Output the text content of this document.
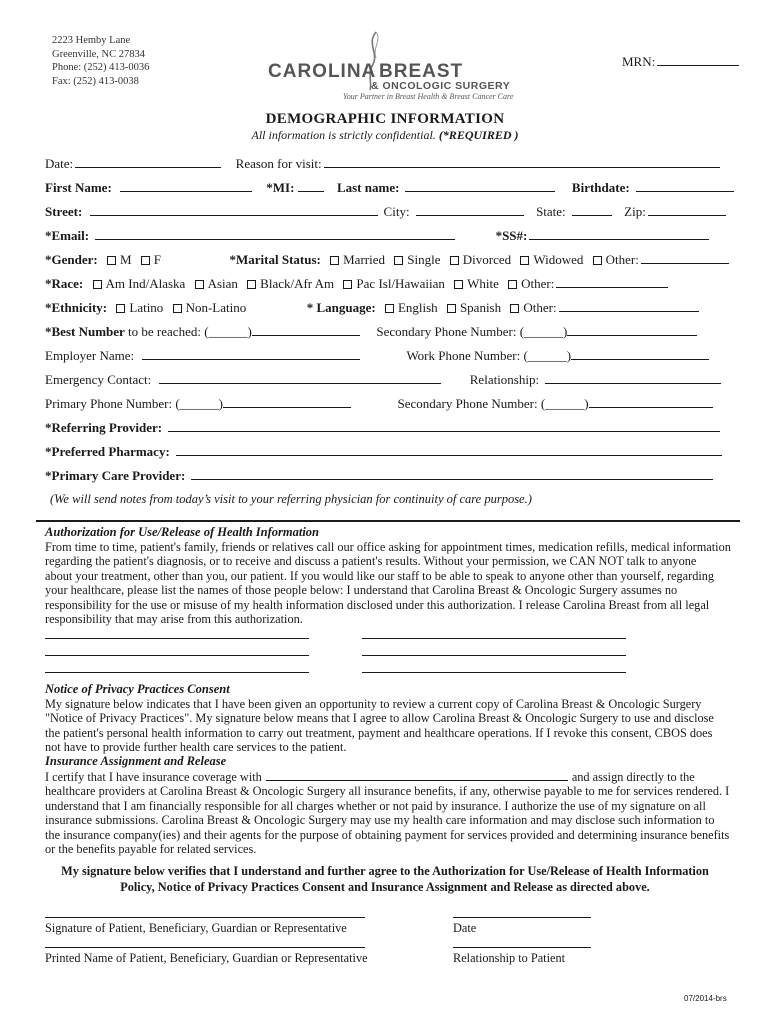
2223 Hemby Lane
Greenville, NC 27834
Phone: (252) 413-0036
Fax: (252) 413-0038	CAROLINA BREAST
& ONCOLOGIC SURGERY
Your Partner in Breast Health & Breast Cancer Care
MRN:
DEMOGRAPHIC INFORMATION
All information is strictly confidential. (*REQUIRED )
Date:	Reason for visit:
First Name:	*MI:	Last name:	Birthdate:
Street:	City:	State:	Zip:
*Email:	*SS#:
*Gender: M F	*Marital Status: Married Single Divorced Widowed Other:
*Race: Am Ind/Alaska Asian Black/Afr Am Pac Isl/Hawaiian White Other:
*Ethnicity: Latino Non-Latino	* Language: English Spanish Other:
*Best Number to be reached: (______)	Secondary Phone Number: (______)
Employer Name:	Work Phone Number: (______)
Emergency Contact:	Relationship:
Primary Phone Number: (______)	Secondary Phone Number: (______)
*Referring Provider:
*Preferred Pharmacy:
*Primary Care Provider:
(We will send notes from today’s visit to your referring physician for continuity of care purpose.)
Authorization for Use/Release of Health Information
From time to time, patient's family, friends or relatives call our office asking for appointment times, medication refills, medical information
regarding the patient's diagnosis, or to receive and discuss a patient's results. Without your permission, we CAN NOT talk to anyone
about your treatment, other than you, our patient. If you would like our staff to be able to speak to anyone other than yourself, regarding
your healthcare, please list the names of those people below: I understand that Carolina Breast & Oncologic Surgery assumes no
responsibility for the use or misuse of my health information disclosed under this authorization. I release Carolina Breast from all legal
responsibility that may arise from this authorization.
Notice of Privacy Practices Consent
My signature below indicates that I have been given an opportunity to review a current copy of Carolina Breast & Oncologic Surgery
"Notice of Privacy Practices". My signature below means that I agree to allow Carolina Breast & Oncologic Surgery to use and disclose
the patient's personal health information to carry out treatment, payment and healthcare operations. If I revoke this consent, CBOS does
not have to provide further health care services to the patient.
Insurance Assignment and Release
I certify that I have insurance coverage with	and assign directly to the
healthcare providers at Carolina Breast & Oncologic Surgery all insurance benefits, if any, otherwise payable to me for services rendered. I
understand that I am financially responsible for all charges whether or not paid by insurance. I authorize the use of my signature on all
insurance submissions. Carolina Breast & Oncologic Surgery may use my health care information and may disclose such information to
the insurance company(ies) and their agents for the purpose of obtaining payment for services provided and determining insurance benefits
or the benefits payable for related services.
My signature below verifies that I understand and further agree to the Authorization for Use/Release of Health Information
Policy, Notice of Privacy Practices Consent and Insurance Assignment and Release as directed above.
Signature of Patient, Beneficiary, Guardian or Representative	Date
Printed Name of Patient, Beneficiary, Guardian or Representative	Relationship to Patient
07/2014-brs
